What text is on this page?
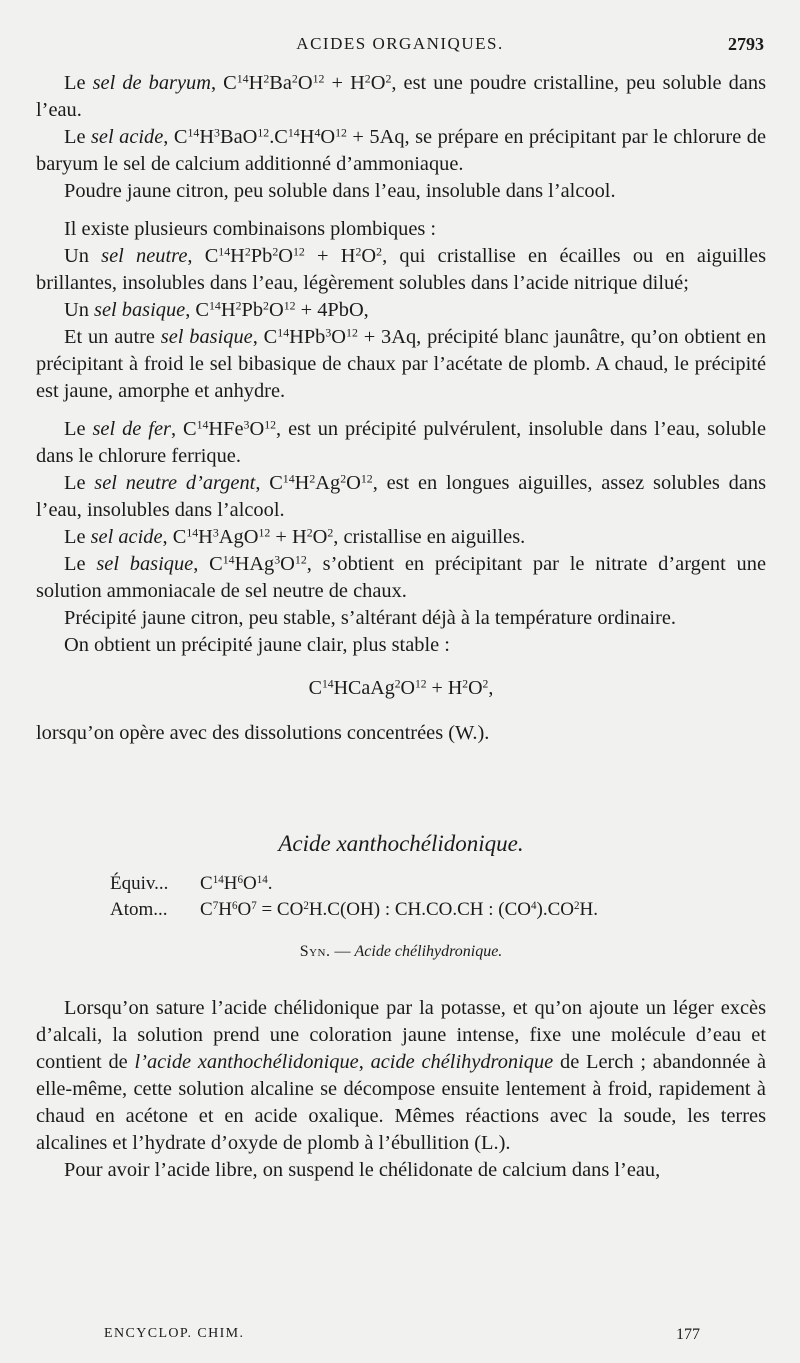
ACIDES ORGANIQUES.	2793

Le sel de baryum, $C^{14}H^2Ba^2O^{12} + H^2O^2$, est une poudre cristalline, peu soluble dans l’eau.

Le sel acide, $C^{14}H^3BaO^{12}.C^{14}H^4O^{12} + 5Aq$, se prépare en précipitant par le chlorure de baryum le sel de calcium additionné d’ammoniaque.

Poudre jaune citron, peu soluble dans l’eau, insoluble dans l’alcool.

Il existe plusieurs combinaisons plombiques :

Un sel neutre, $C^{14}H^2Pb^2O^{12} + H^2O^2$, qui cristallise en écailles ou en aiguilles brillantes, insolubles dans l’eau, légèrement solubles dans l’acide nitrique dilué;

Un sel basique, $C^{14}H^2Pb^2O^{12} + 4PbO$,

Et un autre sel basique, $C^{14}HPb^3O^{12} + 3Aq$, précipité blanc jaunâtre, qu’on obtient en précipitant à froid le sel bibasique de chaux par l’acétate de plomb. A chaud, le précipité est jaune, amorphe et anhydre.

Le sel de fer, $C^{14}HFe^3O^{12}$, est un précipité pulvérulent, insoluble dans l’eau, soluble dans le chlorure ferrique.

Le sel neutre d’argent, $C^{14}H^2Ag^2O^{12}$, est en longues aiguilles, assez solubles dans l’eau, insolubles dans l’alcool.

Le sel acide, $C^{14}H^3AgO^{12} + H^2O^2$, cristallise en aiguilles.

Le sel basique, $C^{14}HAg^3O^{12}$, s’obtient en précipitant par le nitrate d’argent une solution ammoniacale de sel neutre de chaux.

Précipité jaune citron, peu stable, s’altérant déjà à la température ordinaire.

On obtient un précipité jaune clair, plus stable :

$C^{14}HCaAg^2O^{12} + H^2O^2$,

lorsqu’on opère avec des dissolutions concentrées (W.).

Acide xanthochélidonique.
Équiv... $C^{14}H^6O^{14}$.
Atom... $C^7H^6O^7 = CO^2H.C(OH)$ : CH.CO.CH : $(CO^4).CO^2H$.
Syn. — Acide chélihydronique.

Lorsqu’on sature l’acide chélidonique par la potasse, et qu’on ajoute un léger excès d’alcali, la solution prend une coloration jaune intense, fixe une molécule d’eau et contient de l’acide xanthochélidonique, acide chélihydronique de Lerch ; abandonnée à elle-même, cette solution alcaline se décompose ensuite lentement à froid, rapidement à chaud en acétone et en acide oxalique. Mêmes réactions avec la soude, les terres alcalines et l’hydrate d’oxyde de plomb à l’ébullition (L.).

Pour avoir l’acide libre, on suspend le chélidonate de calcium dans l’eau,

ENCYCLOP. CHIM.	177
